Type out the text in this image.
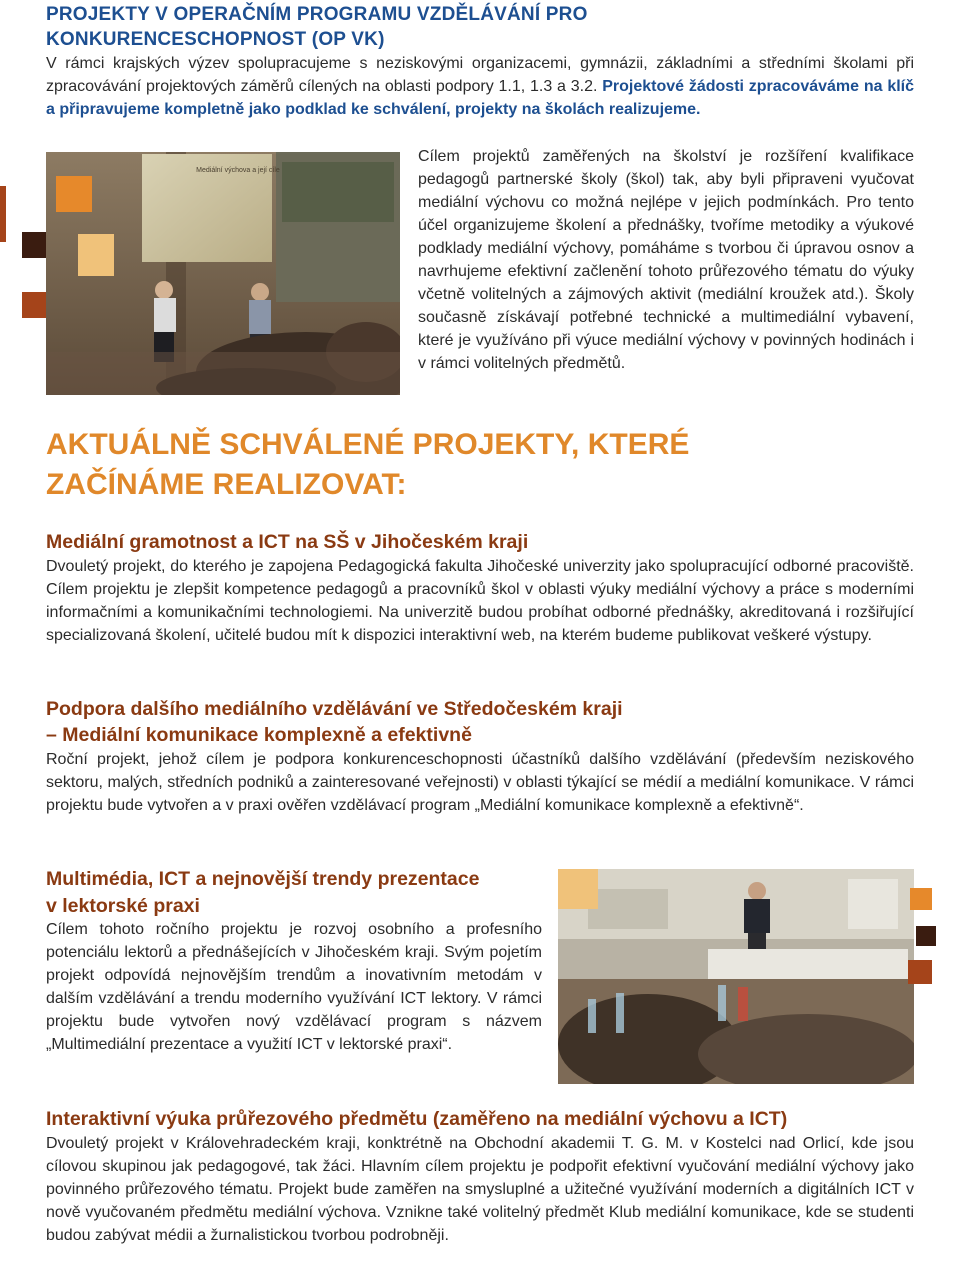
PROJEKTY V OPERAČNÍM PROGRAMU VZDĚLÁVÁNÍ PRO KONKURENCESCHOPNOST (OP VK)
V rámci krajských výzev spolupracujeme s neziskovými organizacemi, gymnázii, základními a středními školami při zpracovávání projektových záměrů cílených na oblasti podpory 1.1, 1.3 a 3.2. Projektové žádosti zpracováváme na klíč a připravujeme kompletně jako podklad ke schválení, projekty na školách realizujeme.
Mediální výchova a její cíle
Cílem projektů zaměřených na školství je rozšíření kvalifikace pedagogů partnerské školy (škol) tak, aby byli připraveni vyučovat mediální výchovu co možná nejlépe v jejich podmínkách. Pro tento účel organizujeme školení a přednášky, tvoříme metodiky a výukové podklady mediální výchovy, pomáháme s tvorbou či úpravou osnov a navrhujeme efektivní začlenění tohoto průřezového tématu do výuky včetně volitelných a zájmových aktivit (mediální kroužek atd.). Školy současně získávají potřebné technické a multimediální vybavení, které je využíváno při výuce mediální výchovy v povinných hodinách i v rámci volitelných předmětů.
AKTUÁLNĚ SCHVÁLENÉ PROJEKTY, KTERÉ ZAČÍNÁME REALIZOVAT:
Mediální gramotnost a ICT na SŠ v Jihočeském kraji
Dvouletý projekt, do kterého je zapojena Pedagogická fakulta Jihočeské univerzity jako spolupracující odborné pracoviště. Cílem projektu je zlepšit kompetence pedagogů a pracovníků škol v oblasti výuky mediální výchovy a práce s moderními informačními a komunikačními technologiemi. Na univerzitě budou probíhat odborné přednášky, akreditovaná i rozšiřující specializovaná školení, učitelé budou mít k dispozici interaktivní web, na kterém budeme publikovat veškeré výstupy.
Podpora dalšího mediálního vzdělávání ve Středočeském kraji
– Mediální komunikace komplexně a efektivně
Roční projekt, jehož cílem je podpora konkurenceschopnosti účastníků dalšího vzdělávání (především neziskového sektoru, malých, středních podniků a zainteresované veřejnosti) v oblasti týkající se médií a mediální komunikace. V rámci projektu bude vytvořen a v praxi ověřen vzdělávací program „Mediální komunikace komplexně a efektivně“.
Multimédia, ICT a nejnovější trendy prezentace
v lektorské praxi
Cílem tohoto ročního projektu je rozvoj osobního a profesního potenciálu lektorů a přednášejících v Jihočeském kraji. Svým pojetím projekt odpovídá nejnovějším trendům a inovativním metodám v dalším vzdělávání a trendu moderního využívání ICT lektory. V rámci projektu bude vytvořen nový vzdělávací program s názvem „Multimediální prezentace a využití ICT v lektorské praxi“.
Interaktivní výuka průřezového předmětu (zaměřeno na mediální výchovu a ICT)
Dvouletý projekt v Královehradeckém kraji, konktrétně na Obchodní akademii T. G. M. v Kostelci nad Orlicí, kde jsou cílovou skupinou jak pedagogové, tak žáci. Hlavním cílem projektu je podpořit efektivní vyučování mediální výchovy jako povinného průřezového tématu. Projekt bude zaměřen na smysluplné a užitečné využívání moderních a digitálních ICT v nově vyučovaném předmětu mediální výchova. Vznikne také volitelný předmět Klub mediální komunikace, kde se studenti budou zabývat médii a žurnalistickou tvorbou podrobněji.
